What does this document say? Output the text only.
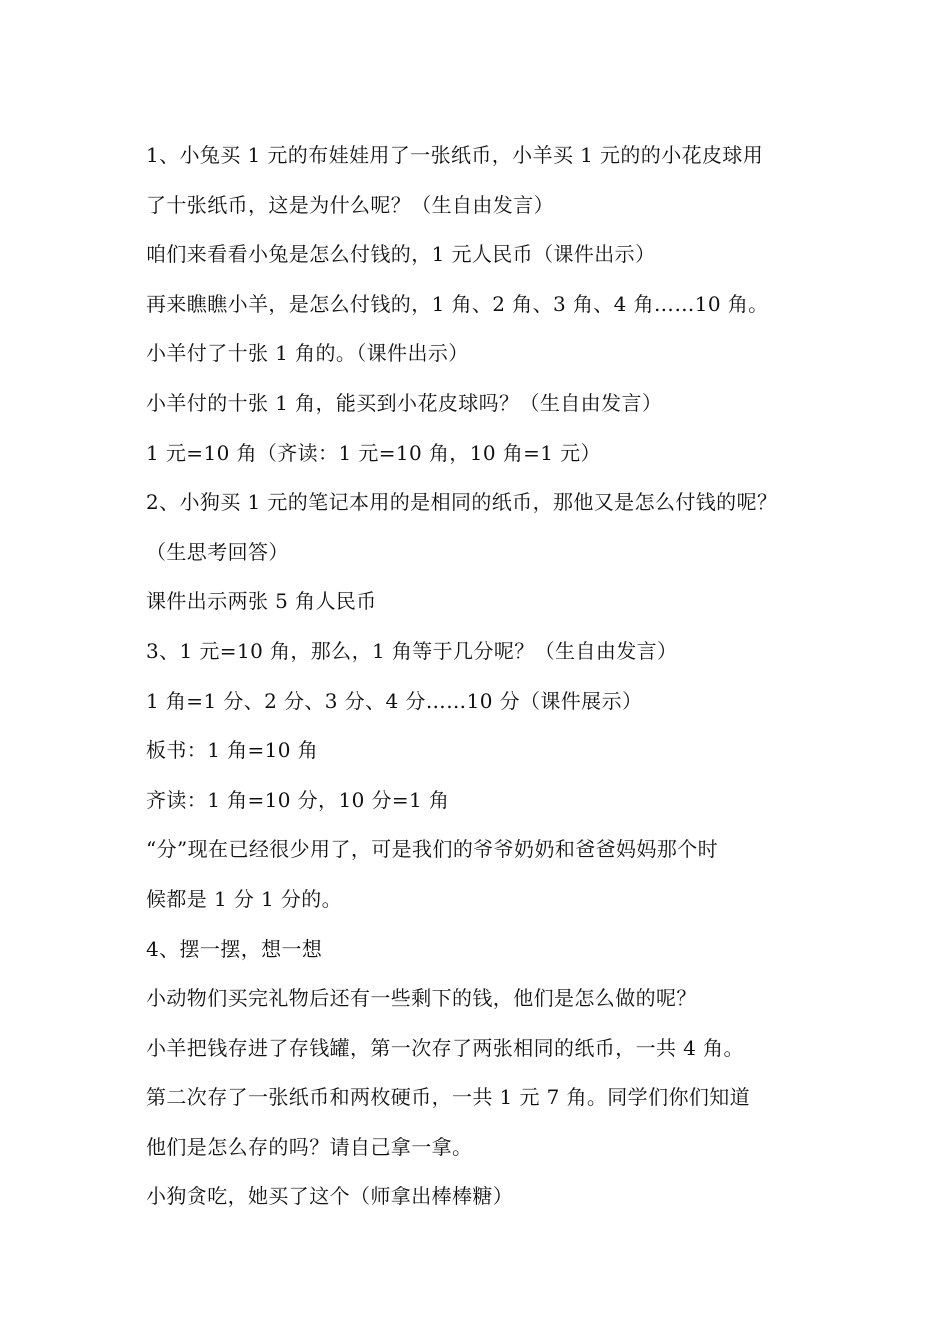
1、小兔买 1 元的布娃娃用了一张纸币，小羊买 1 元的的小花皮球用
了十张纸币，这是为什么呢？（生自由发言）
咱们来看看小兔是怎么付钱的，1 元人民币（课件出示）
再来瞧瞧小羊，是怎么付钱的，1 角、2 角、3 角、4 角……10 角。
小羊付了十张 1 角的。（课件出示）
小羊付的十张 1 角，能买到小花皮球吗？（生自由发言）
1 元=10 角（齐读：1 元=10 角，10 角=1 元）
2、小狗买 1 元的笔记本用的是相同的纸币，那他又是怎么付钱的呢？
（生思考回答）
课件出示两张 5 角人民币
3、1 元=10 角，那么，1 角等于几分呢？（生自由发言）
1 角=1 分、2 分、3 分、4 分……10 分（课件展示）
板书：1 角=10 角
齐读：1 角=10 分，10 分=1 角
“分”现在已经很少用了，可是我们的爷爷奶奶和爸爸妈妈那个时
候都是 1 分 1 分的。
4、摆一摆，想一想
小动物们买完礼物后还有一些剩下的钱，他们是怎么做的呢？
小羊把钱存进了存钱罐，第一次存了两张相同的纸币，一共 4 角。
第二次存了一张纸币和两枚硬币，一共 1 元 7 角。同学们你们知道
他们是怎么存的吗？请自己拿一拿。
小狗贪吃，她买了这个（师拿出棒棒糖）
